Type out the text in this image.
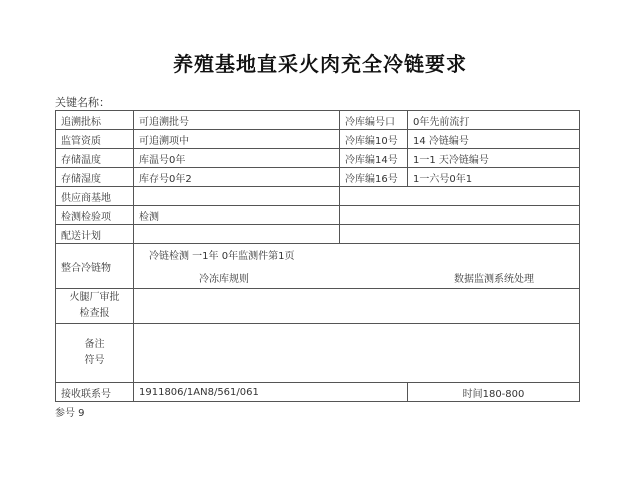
养殖基地直采火肉充全冷链要求
关键名称：
追溯批标	可追溯批号	冷库编号口	0年先前流打
监管资质	可追溯项中	冷库编10号	14 冷链编号
存储温度	库温号0年	冷库编14号	1一1 天冷链编号
存储湿度	库存号0年2	冷库编16号	1一六号0年1
供应商基地			
检测检验项	检测		
配送计划			
整合冷链物	冷链检测 一1年 0年监测件第1页
冷冻库规则 数据监测系统处理		

火腿厂审批
检查报			

备注
符号			

接收联系号	1911806/1AN8/561/061		时间180-800
参号 9
